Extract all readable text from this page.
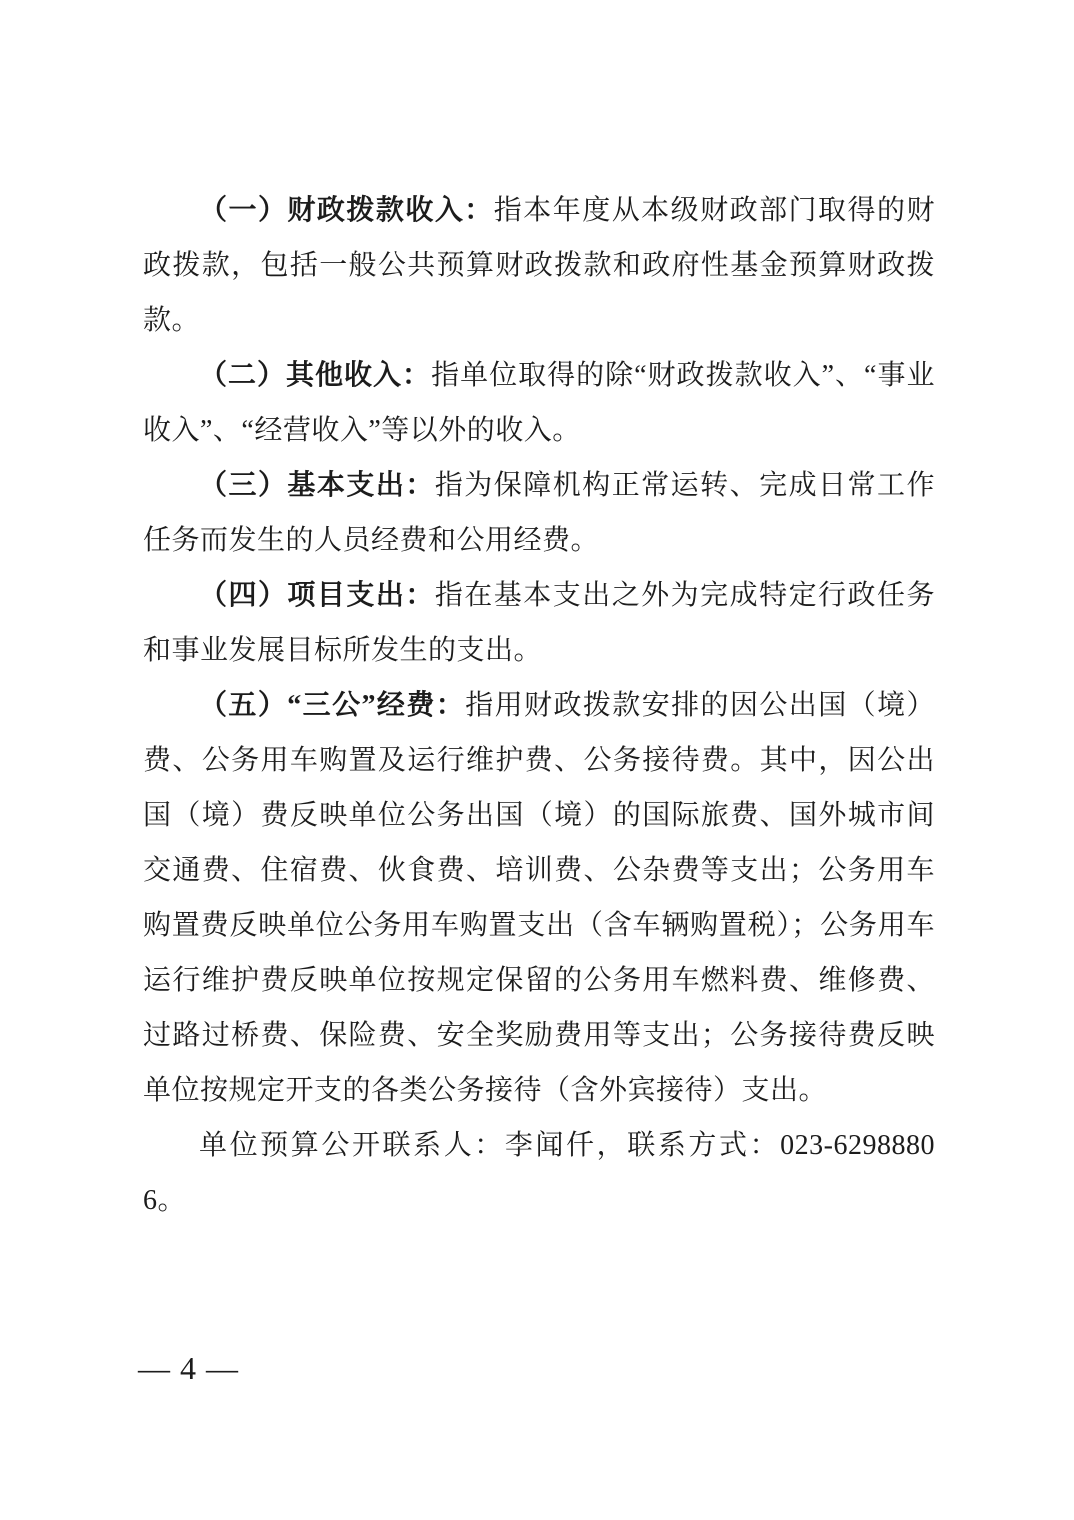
（一）财政拨款收入：指本年度从本级财政部门取得的财政拨款，包括一般公共预算财政拨款和政府性基金预算财政拨款。

（二）其他收入：指单位取得的除“财政拨款收入”、“事业收入”、“经营收入”等以外的收入。

（三）基本支出：指为保障机构正常运转、完成日常工作任务而发生的人员经费和公用经费。

（四）项目支出：指在基本支出之外为完成特定行政任务和事业发展目标所发生的支出。

（五）“三公”经费：指用财政拨款安排的因公出国（境）费、公务用车购置及运行维护费、公务接待费。其中，因公出国（境）费反映单位公务出国（境）的国际旅费、国外城市间交通费、住宿费、伙食费、培训费、公杂费等支出；公务用车购置费反映单位公务用车购置支出（含车辆购置税）；公务用车运行维护费反映单位按规定保留的公务用车燃料费、维修费、过路过桥费、保险费、安全奖励费用等支出；公务接待费反映单位按规定开支的各类公务接待（含外宾接待）支出。

单位预算公开联系人：李闻仟，联系方式：023-62988806。

— 4 —
